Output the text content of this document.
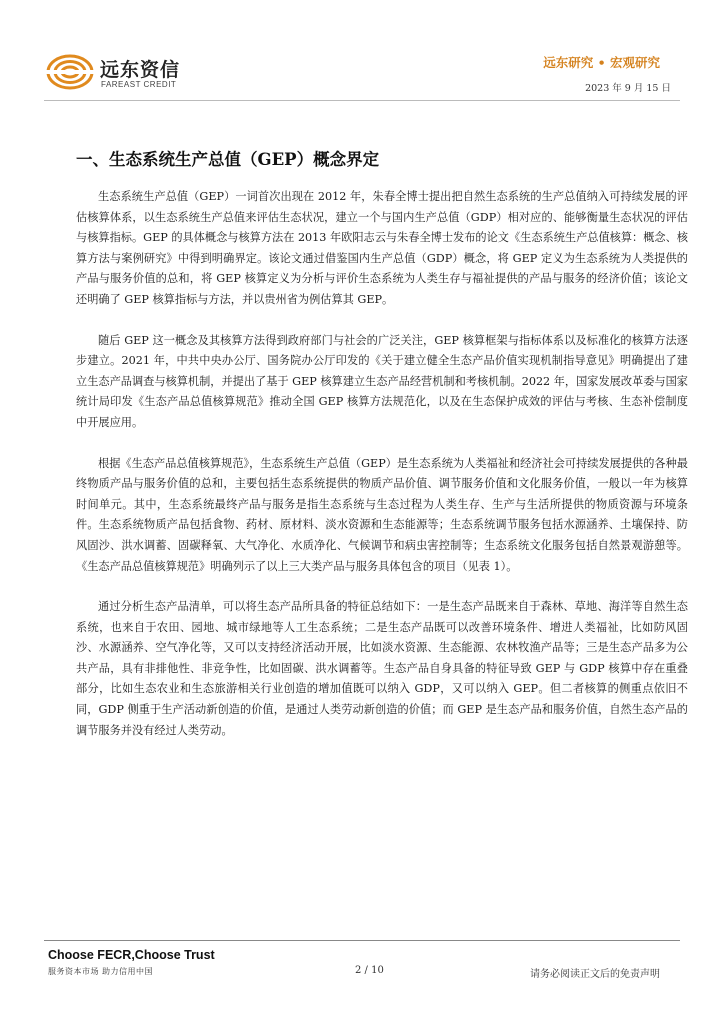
远东资信
FAREAST CREDIT
远东研究 • 宏观研究
2023 年 9 月 15 日
一、生态系统生产总值（GEP）概念界定

生态系统生产总值（GEP）一词首次出现在 2012 年，朱春全博士提出把自然生态系统的生产总值纳入可持续发展的评估核算体系，以生态系统生产总值来评估生态状况，建立一个与国内生产总值（GDP）相对应的、能够衡量生态状况的评估与核算指标。GEP 的具体概念与核算方法在 2013 年欧阳志云与朱春全博士发布的论文《生态系统生产总值核算：概念、核算方法与案例研究》中得到明确界定。该论文通过借鉴国内生产总值（GDP）概念，将 GEP 定义为生态系统为人类提供的产品与服务价值的总和，将 GEP 核算定义为分析与评价生态系统为人类生存与福祉提供的产品与服务的经济价值；该论文还明确了 GEP 核算指标与方法，并以贵州省为例估算其 GEP。

随后 GEP 这一概念及其核算方法得到政府部门与社会的广泛关注，GEP 核算框架与指标体系以及标准化的核算方法逐步建立。2021 年，中共中央办公厅、国务院办公厅印发的《关于建立健全生态产品价值实现机制指导意见》明确提出了建立生态产品调查与核算机制，并提出了基于 GEP 核算建立生态产品经营机制和考核机制。2022 年，国家发展改革委与国家统计局印发《生态产品总值核算规范》推动全国 GEP 核算方法规范化，以及在生态保护成效的评估与考核、生态补偿制度中开展应用。

根据《生态产品总值核算规范》，生态系统生产总值（GEP）是生态系统为人类福祉和经济社会可持续发展提供的各种最终物质产品与服务价值的总和，主要包括生态系统提供的物质产品价值、调节服务价值和文化服务价值，一般以一年为核算时间单元。其中，生态系统最终产品与服务是指生态系统与生态过程为人类生存、生产与生活所提供的物质资源与环境条件。生态系统物质产品包括食物、药材、原材料、淡水资源和生态能源等；生态系统调节服务包括水源涵养、土壤保持、防风固沙、洪水调蓄、固碳释氧、大气净化、水质净化、气候调节和病虫害控制等；生态系统文化服务包括自然景观游憩等。《生态产品总值核算规范》明确列示了以上三大类产品与服务具体包含的项目（见表 1）。

通过分析生态产品清单，可以将生态产品所具备的特征总结如下：一是生态产品既来自于森林、草地、海洋等自然生态系统，也来自于农田、园地、城市绿地等人工生态系统；二是生态产品既可以改善环境条件、增进人类福祉，比如防风固沙、水源涵养、空气净化等，又可以支持经济活动开展，比如淡水资源、生态能源、农林牧渔产品等；三是生态产品多为公共产品，具有非排他性、非竞争性，比如固碳、洪水调蓄等。生态产品自身具备的特征导致 GEP 与 GDP 核算中存在重叠部分，比如生态农业和生态旅游相关行业创造的增加值既可以纳入 GDP，又可以纳入 GEP。但二者核算的侧重点依旧不同，GDP 侧重于生产活动新创造的价值，是通过人类劳动新创造的价值；而 GEP 是生态产品和服务价值，自然生态产品的调节服务并没有经过人类劳动。

Choose FECR,Choose Trust
服务资本市场 助力信用中国	2 / 10	请务必阅读正文后的免责声明
